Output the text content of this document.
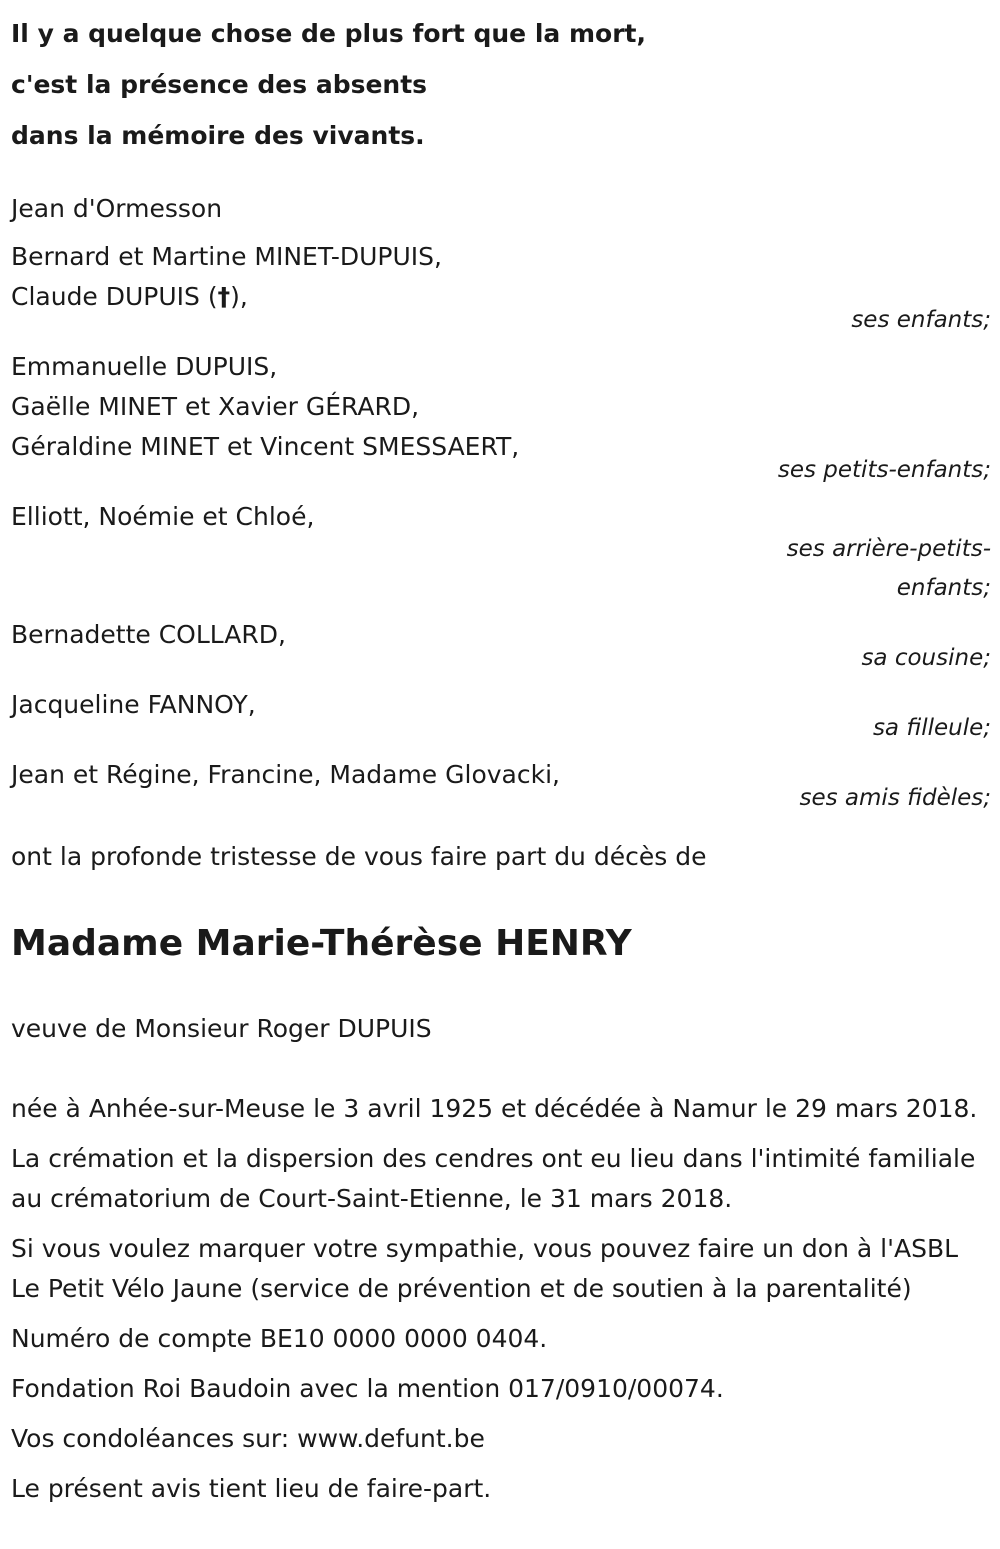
Il y a quelque chose de plus fort que la mort,
c'est la présence des absents
dans la mémoire des vivants.
Jean d'Ormesson
Bernard et Martine MINET-DUPUIS,
Claude DUPUIS (†),
ses enfants;
Emmanuelle DUPUIS,
Gaëlle MINET et Xavier GÉRARD,
Géraldine MINET et Vincent SMESSAERT,
ses petits-enfants;
Elliott, Noémie et Chloé,
ses arrière-petits-
enfants;
Bernadette COLLARD,
sa cousine;
Jacqueline FANNOY,
sa filleule;
Jean et Régine, Francine, Madame Glovacki,
ses amis fidèles;
ont la profonde tristesse de vous faire part du décès de
Madame Marie-Thérèse HENRY
veuve de Monsieur Roger DUPUIS
née à Anhée-sur-Meuse le 3 avril 1925 et décédée à Namur le 29 mars 2018.
La crémation et la dispersion des cendres ont eu lieu dans l'intimité familiale au crématorium de Court-Saint-Etienne, le 31 mars 2018.
Si vous voulez marquer votre sympathie, vous pouvez faire un don à l'ASBL Le Petit Vélo Jaune (service de prévention et de soutien à la parentalité)
Numéro de compte BE10 0000 0000 0404.
Fondation Roi Baudoin avec la mention 017/0910/00074.
Vos condoléances sur: www.defunt.be
Le présent avis tient lieu de faire-part.
